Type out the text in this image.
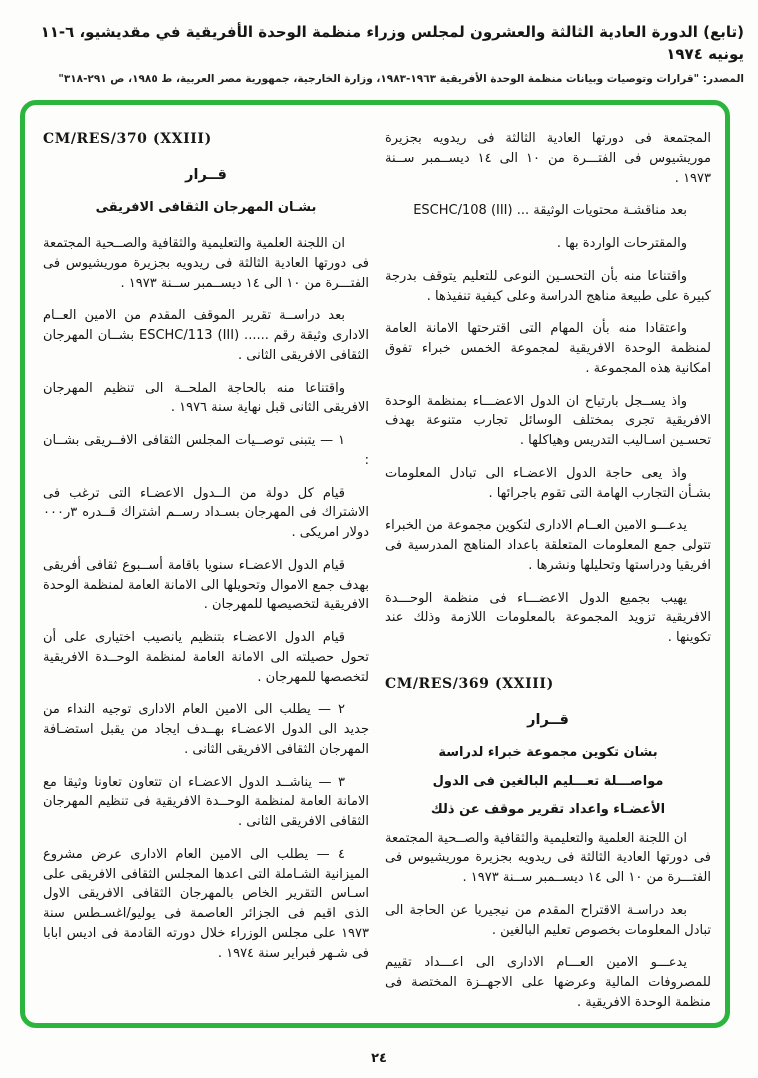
(تابع) الدورة العادية الثالثة والعشرون لمجلس وزراء منظمة الوحدة الأفريقية في مقديشيو، ٦-١١ يونيه ١٩٧٤
المصدر: "قرارات وتوصيات وبيانات منظمة الوحدة الأفريقية ١٩٦٣-١٩٨٣، وزارة الخارجية، جمهورية مصر العربية، ط ١٩٨٥، ص ٢٩١-٣١٨"
CM/RES/370 (XXIII)
قــرار
بشـان المهرجان الثقافى الافريقى

ان اللجنة العلمية والتعليمية والثقافية والصــحية المجتمعة فى دورتها العادية الثالثة فى ريدويه بجزيرة موريشيوس فى الفتـــرة من ١٠ الى ١٤ ديســمبر ســنة ١٩٧٣ .

بعد دراســة تقرير الموقف المقدم من الامين العــام الادارى وثيقة رقم ...... ESCHC/113 (III) بشــان المهرجان الثقافى الافريقى الثانى .

واقتناعا منه بالحاجة الملحــة الى تنظيم المهرجان الافريقى الثانى قبل نهاية سنة ١٩٧٦ .

١ — يتبنى توصــيات المجلس الثقافى الافــريقى بشــان :

قيام كل دولة من الــدول الاعضـاء التى ترغب فى الاشتراك فى المهرجان بسـداد رســم اشتراك قــدره ٣ر٠٠٠ دولار امريكى .

قيام الدول الاعضـاء سنويا باقامة أســبوع ثقافى أفريقى بهدف جمع الاموال وتحويلها الى الامانة العامة لمنظمة الوحدة الافريقية لتخصيصها للمهرجان .

قيام الدول الاعضـاء بتنظيم يانصيب اختيارى على أن تحول حصيلته الى الامانة العامة لمنظمة الوحــدة الافريقية لتخصصها للمهرجان .

٢ — يطلب الى الامين العام الادارى توجيه النداء من جديد الى الدول الاعضـاء بهــدف ايجاد من يقبل استضـافة المهرجان الثقافى الافريقى الثانى .

٣ — يناشــد الدول الاعضـاء ان تتعاون تعاونا وثيقا مع الامانة العامة لمنظمة الوحــدة الافريقية فى تنظيم المهرجان الثقافى الافريقى الثانى .

٤ — يطلب الى الامين العام الادارى عرض مشروع الميزانية الشـاملة التى اعدها المجلس الثقافى الافريقى على اسـاس التقرير الخاص بالمهرجان الثقافى الافريقى الاول الذى اقيم فى الجزائر العاصمة فى يوليو/اغسـطس سنة ١٩٧٣ على مجلس الوزراء خلال دورته القادمة فى اديس ابابا فى شـهر فبراير سنة ١٩٧٤ .

المجتمعة فى دورتها العادية الثالثة فى ريدويه بجزيرة موريشيوس فى الفتـــرة من ١٠ الى ١٤ ديســمبر ســنة ١٩٧٣ .

بعد مناقشـة محتويات الوثيقة ... ESCHC/108 (III)

والمقترحات الواردة بها .

واقتناعا منه بأن التحسـين النوعى للتعليم يتوقف بدرجة كبيرة على طبيعة مناهج الدراسة وعلى كيفية تنفيذها .

واعتقادا منه بأن المهام التى اقترحتها الامانة العامة لمنظمة الوحدة الافريقية لمجموعة الخمس خبراء تفوق امكانية هذه المجموعة .

واذ يســجل بارتياح ان الدول الاعضـــاء بمنظمة الوحدة الافريقية تجرى بمختلف الوسائل تجارب متنوعة بهدف تحسـين اسـاليب التدريس وهياكلها .

واذ يعى حاجة الدول الاعضـاء الى تبادل المعلومات بشـأن التجارب الهامة التى تقوم باجرائها .

يدعـــو الامين العــام الادارى لتكوين مجموعة من الخبراء تتولى جمع المعلومات المتعلقة باعداد المناهج المدرسية فى افريقيا ودراستها وتحليلها ونشرها .

يهيب بجميع الدول الاعضـــاء فى منظمة الوحـــدة الافريقية تزويد المجموعة بالمعلومات اللازمة وذلك عند تكوينها .

CM/RES/369 (XXIII)
قــرار
بشان تكوين مجموعة خبراء لدراسة
مواصـــلة تعـــليم البالغين فى الدول
الأعضـاء واعداد تقرير موقف عن ذلك

ان اللجنة العلمية والتعليمية والثقافية والصــحية المجتمعة فى دورتها العادية الثالثة فى ريدويه بجزيرة موريشيوس فى الفتـــرة من ١٠ الى ١٤ ديســمبر ســنة ١٩٧٣ .

بعد دراسـة الاقتراح المقدم من نيجيريا عن الحاجة الى تبادل المعلومات بخصوص تعليم البالغين .

يدعـــو الامين العـــام الادارى الى اعـــداد تقييم للمصروفات المالية وعرضها على الاجهــزة المختصة فى منظمة الوحدة الافريقية .

٢٤
